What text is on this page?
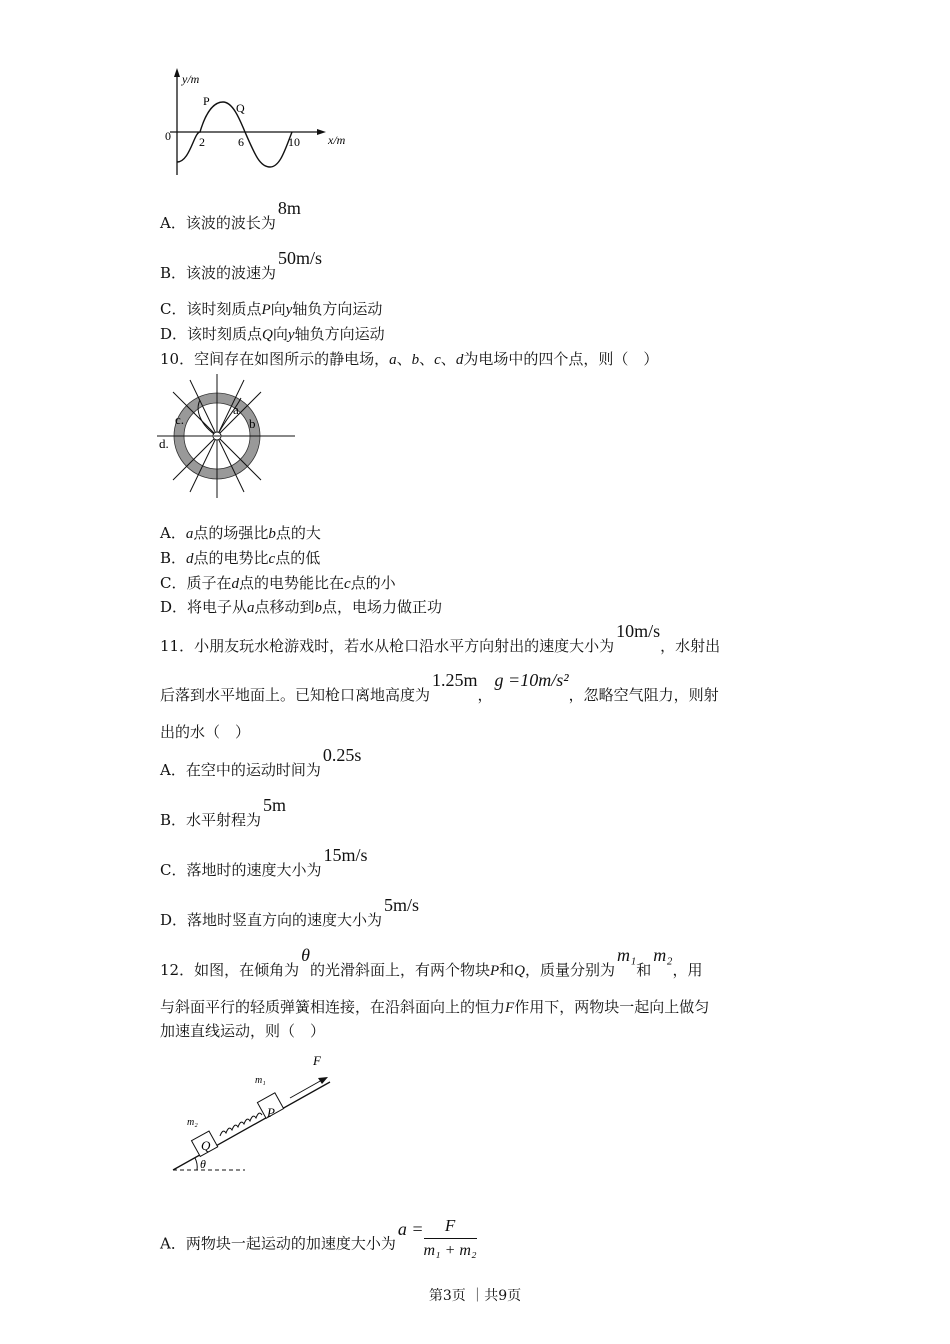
y/m
x/m
0 2	6	10
P Q
A．该波的波长为8m
B．该波的波速为50m/s
C．该时刻质点P向y轴负方向运动
D．该时刻质点Q向y轴负方向运动
10．空间存在如图所示的静电场，a、b、c、d为电场中的四个点，则（　）
a
b
c.
d.
A．a点的场强比b点的大
B．d点的电势比c点的低
C．质子在d点的电势能比在c点的小
D．将电子从a点移动到b点，电场力做正功
11．小朋友玩水枪游戏时，若水从枪口沿水平方向射出的速度大小为10m/s，水射出
后落到水平地面上。已知枪口离地高度为1.25m，g =10m/s²，忽略空气阻力，则射
出的水（　）
A．在空中的运动时间为0.25s
B．水平射程为5m
C．落地时的速度大小为15m/s
D．落地时竖直方向的速度大小为5m/s
12．如图，在倾角为θ的光滑斜面上，有两个物块P和Q，质量分别为m₁和m₂，用
与斜面平行的轻质弹簧相连接，在沿斜面向上的恒力F作用下，两物块一起向上做匀
加速直线运动，则（　）
θ
Q
P
F
m₁
m₂
A．两物块一起运动的加速度大小为$a = \frac{F}{\text{m₁ + m₂}}$
第3页 ｜共9页
